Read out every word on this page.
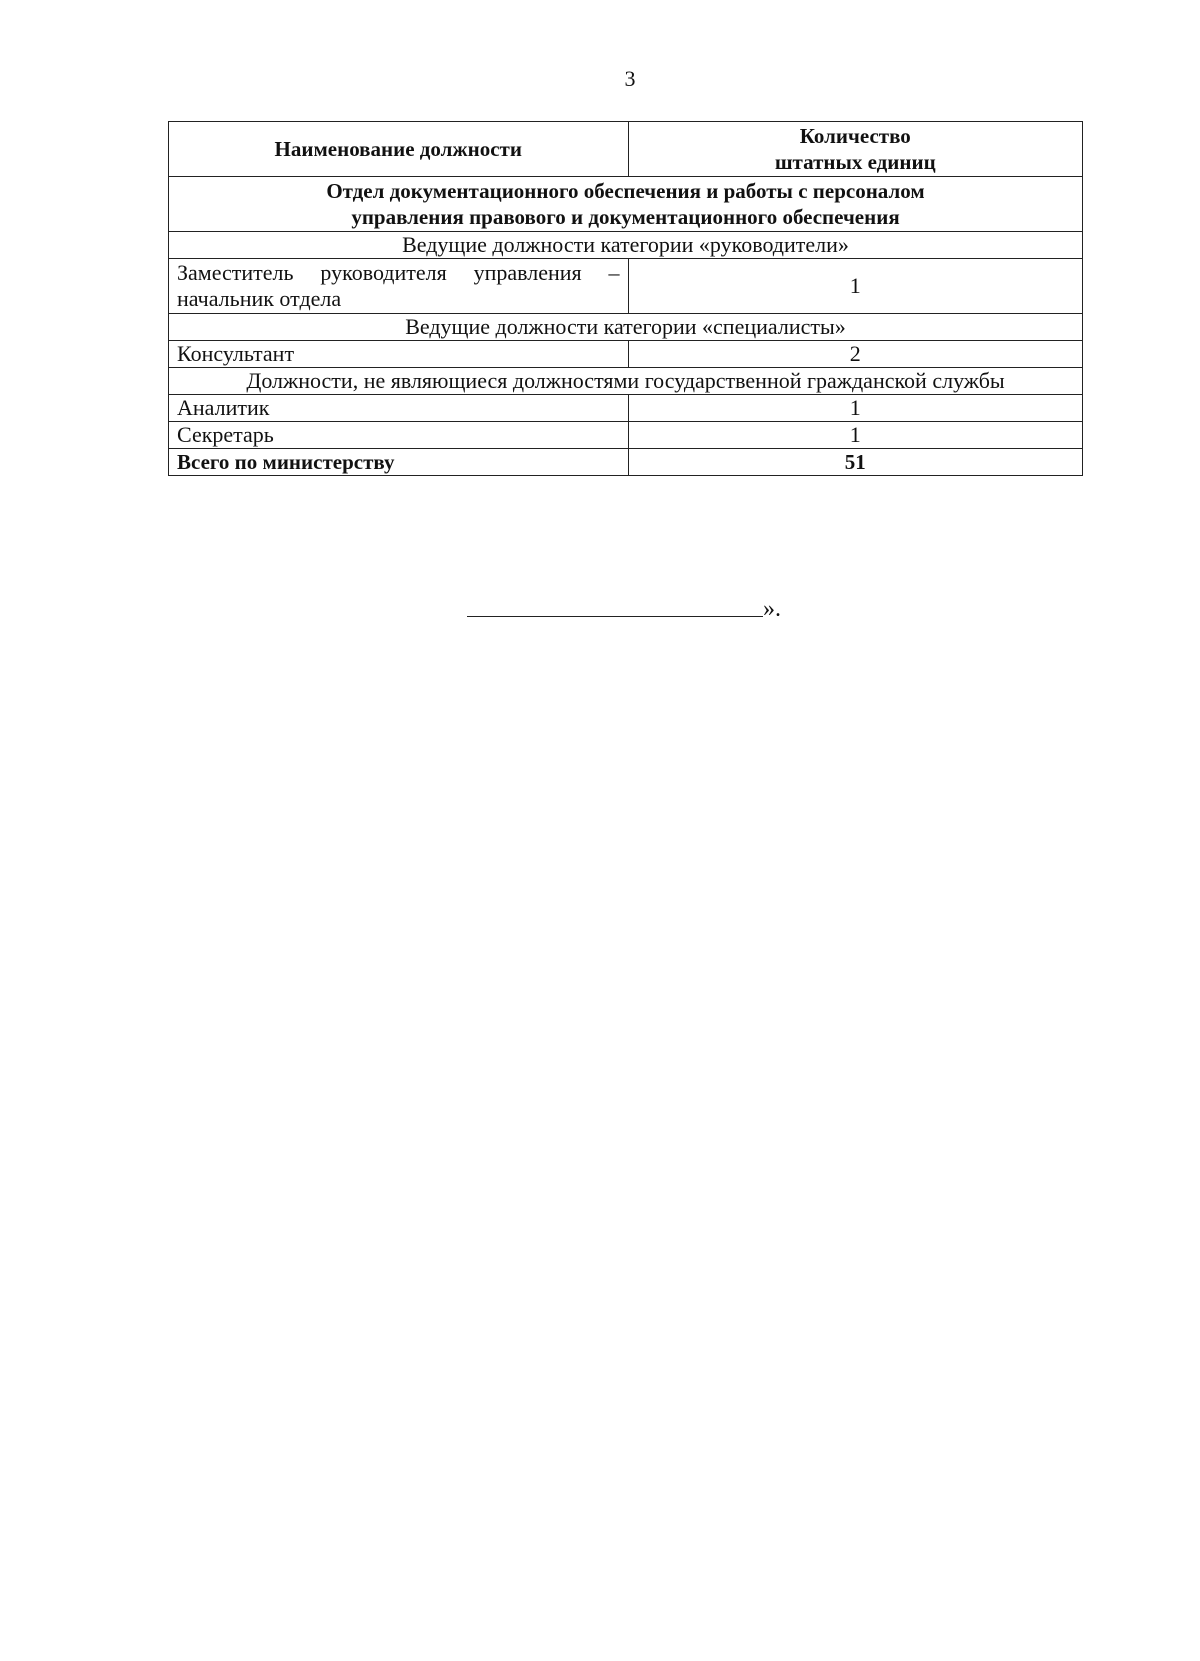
3
Наименование должности	Количество
штатных единиц
Отдел документационного обеспечения и работы с персоналом
управления правового и документационного обеспечения	
Ведущие должности категории «руководители»	
Заместитель руководителя управления – начальник отдела	1
Ведущие должности категории «специалисты»	
Консультант	2
Должности, не являющиеся должностями государственной гражданской службы	
Аналитик	1
Секретарь	1
Всего по министерству	51
».
